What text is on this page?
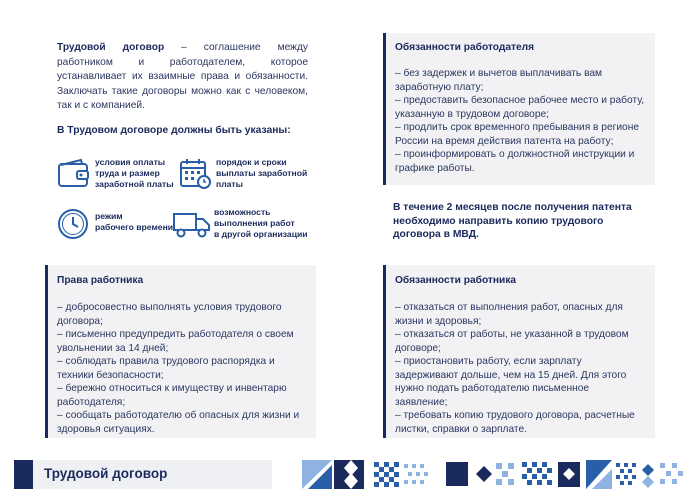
Трудовой договор – соглашение между работником и работодателем, которое устанавливает их взаимные права и обязанности. Заключать такие договоры можно как с человеком, так и с компанией.

В Трудовом договоре должны быть указаны:
условия оплаты
труда и размер
заработной платы
порядок и сроки
выплаты заработной
платы
режим
рабочего времени
возможность
выполнения работ
в другой организации
Обязанности работодателя
– без задержек и вычетов выплачивать вам
заработную плату;
– предоставить безопасное рабочее место и работу,
указанную в трудовом договоре;
– продлить срок временного пребывания в регионе
России на время действия патента на работу;
– проинформировать о должностной инструкции и
графике работы.
В течение 2 месяцев после получения патента
необходимо направить копию трудового
договора в МВД.
Права работника
– добросовестно выполнять условия трудового
договора;
– письменно предупредить работодателя о своем
увольнении за 14 дней;
– соблюдать правила трудового распорядка и
техники безопасности;
– бережно относиться к имуществу и инвентарю
работодателя;
– сообщать работодателю об опасных для жизни и
здоровья ситуациях.
Обязанности работника
– отказаться от выполнения работ, опасных для
жизни и здоровья;
– отказаться от работы, не указанной в трудовом
договоре;
– приостановить работу, если зарплату
задерживают дольше, чем на 15 дней. Для этого
нужно подать работодателю письменное
заявление;
– требовать копию трудового договора, расчетные
листки, справки о зарплате.
Трудовой договор
